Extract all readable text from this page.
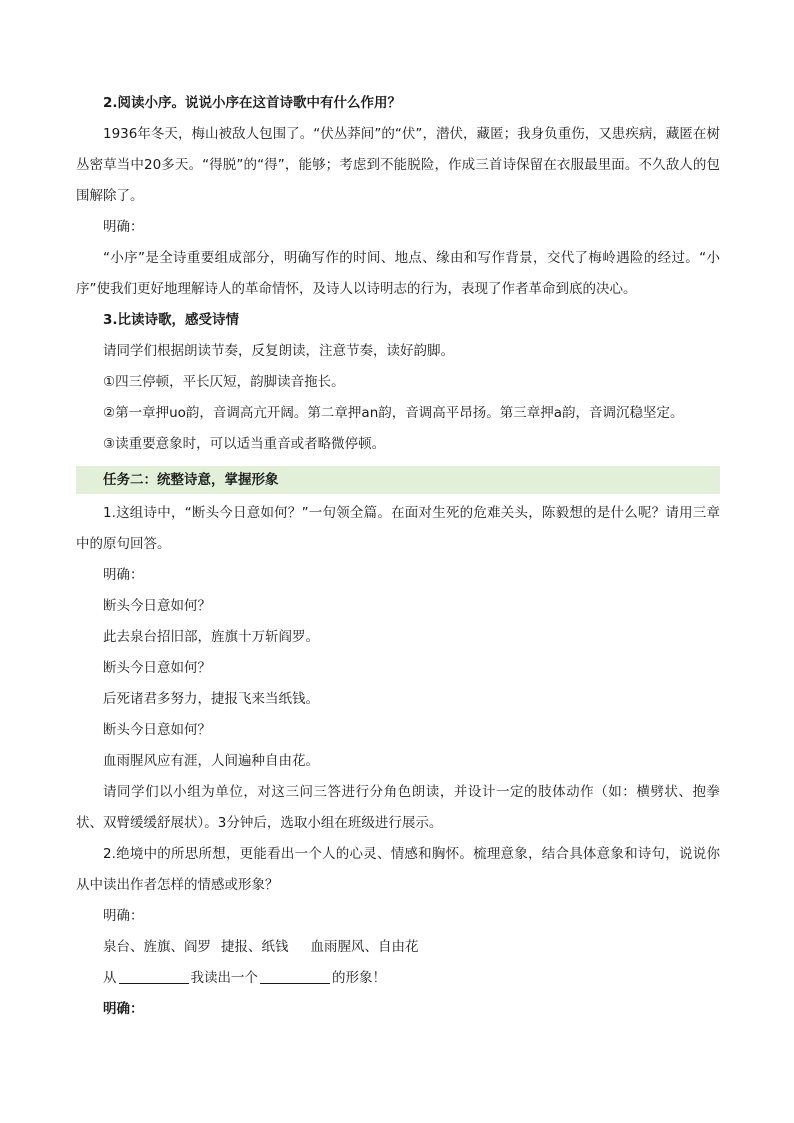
2.阅读小序。说说小序在这首诗歌中有什么作用？

1936年冬天，梅山被敌人包围了。“伏丛莽间”的“伏”，潜伏，藏匿；我身负重伤，又患疾病，藏匿在树丛密草当中20多天。“得脱”的“得”，能够；考虑到不能脱险，作成三首诗保留在衣服最里面。不久敌人的包围解除了。

明确：

“小序”是全诗重要组成部分，明确写作的时间、地点、缘由和写作背景，交代了梅岭遇险的经过。“小序”使我们更好地理解诗人的革命情怀，及诗人以诗明志的行为，表现了作者革命到底的决心。

3.比读诗歌，感受诗情

请同学们根据朗读节奏，反复朗读，注意节奏，读好韵脚。

①四三停顿，平长仄短，韵脚读音拖长。

②第一章押uo韵，音调高亢开阔。第二章押an韵，音调高平昂扬。第三章押a韵，音调沉稳坚定。

③读重要意象时，可以适当重音或者略微停顿。

任务二：统整诗意，掌握形象

1.这组诗中，“断头今日意如何？”一句领全篇。在面对生死的危难关头，陈毅想的是什么呢？请用三章中的原句回答。

明确：

断头今日意如何？

此去泉台招旧部，旌旗十万斩阎罗。

断头今日意如何？

后死诸君多努力，捷报飞来当纸钱。

断头今日意如何？

血雨腥风应有涯，人间遍种自由花。

请同学们以小组为单位，对这三问三答进行分角色朗读，并设计一定的肢体动作（如：横劈状、抱拳状、双臂缓缓舒展状）。3分钟后，选取小组在班级进行展示。

2.绝境中的所思所想，更能看出一个人的心灵、情感和胸怀。梳理意象，结合具体意象和诗句，说说你从中读出作者怎样的情感或形象？

明确：

泉台、旌旗、阎罗 捷报、纸钱 血雨腥风、自由花

从	我读出一个	的形象！

明确：
